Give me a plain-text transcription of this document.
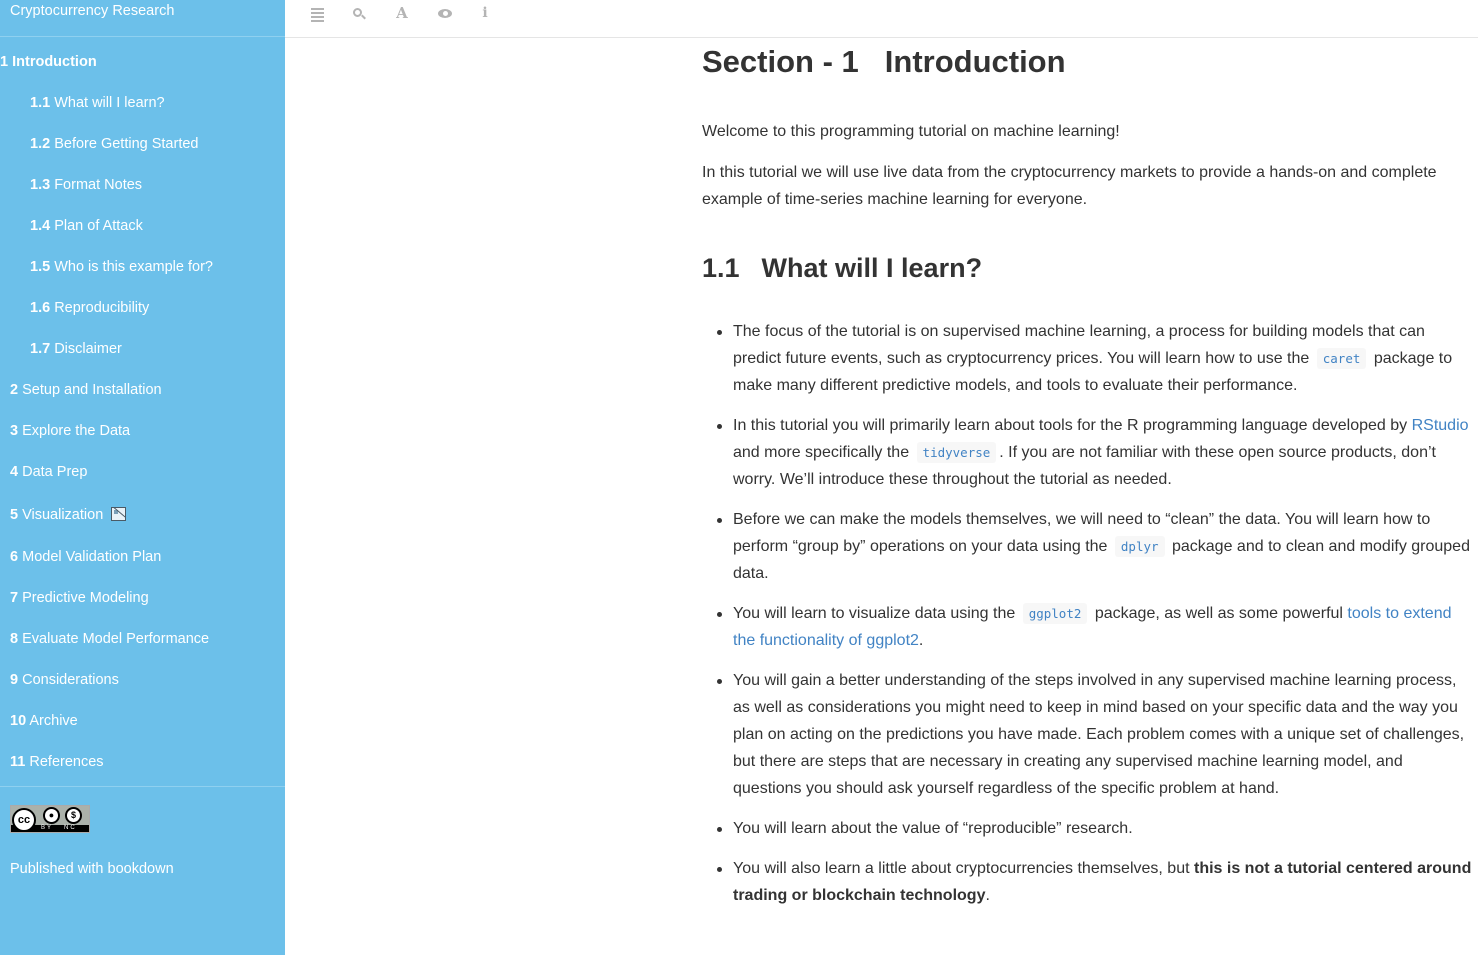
Cryptocurrency Research
1 Introduction
1.1 What will I learn?
1.2 Before Getting Started
1.3 Format Notes
1.4 Plan of Attack
1.5 Who is this example for?
1.6 Reproducibility
1.7 Disclaimer
2 Setup and Installation
3 Explore the Data
4 Data Prep
5 Visualization
6 Model Validation Plan
7 Predictive Modeling
8 Evaluate Model Performance
9 Considerations
10 Archive
11 References
cc	●	$
BY NC
Published with bookdown
A	i
Section - 1 Introduction

Welcome to this programming tutorial on machine learning!

In this tutorial we will use live data from the cryptocurrency markets to provide a hands-on and complete example of time-series machine learning for everyone.

1.1 What will I learn?
The focus of the tutorial is on supervised machine learning, a process for building models that can predict future events, such as cryptocurrency prices. You will learn how to use the caret package to make many different predictive models, and tools to evaluate their performance.
In this tutorial you will primarily learn about tools for the R programming language developed by RStudio and more specifically the tidyverse . If you are not familiar with these open source products, don’t worry. We’ll introduce these throughout the tutorial as needed.
Before we can make the models themselves, we will need to “clean” the data. You will learn how to perform “group by” operations on your data using the dplyr package and to clean and modify grouped data.
You will learn to visualize data using the ggplot2 package, as well as some powerful tools to extend the functionality of ggplot2.
You will gain a better understanding of the steps involved in any supervised machine learning process, as well as considerations you might need to keep in mind based on your specific data and the way you plan on acting on the predictions you have made. Each problem comes with a unique set of challenges, but there are steps that are necessary in creating any supervised machine learning model, and questions you should ask yourself regardless of the specific problem at hand.
You will learn about the value of “reproducible” research.
You will also learn a little about cryptocurrencies themselves, but this is not a tutorial centered around trading or blockchain technology.
